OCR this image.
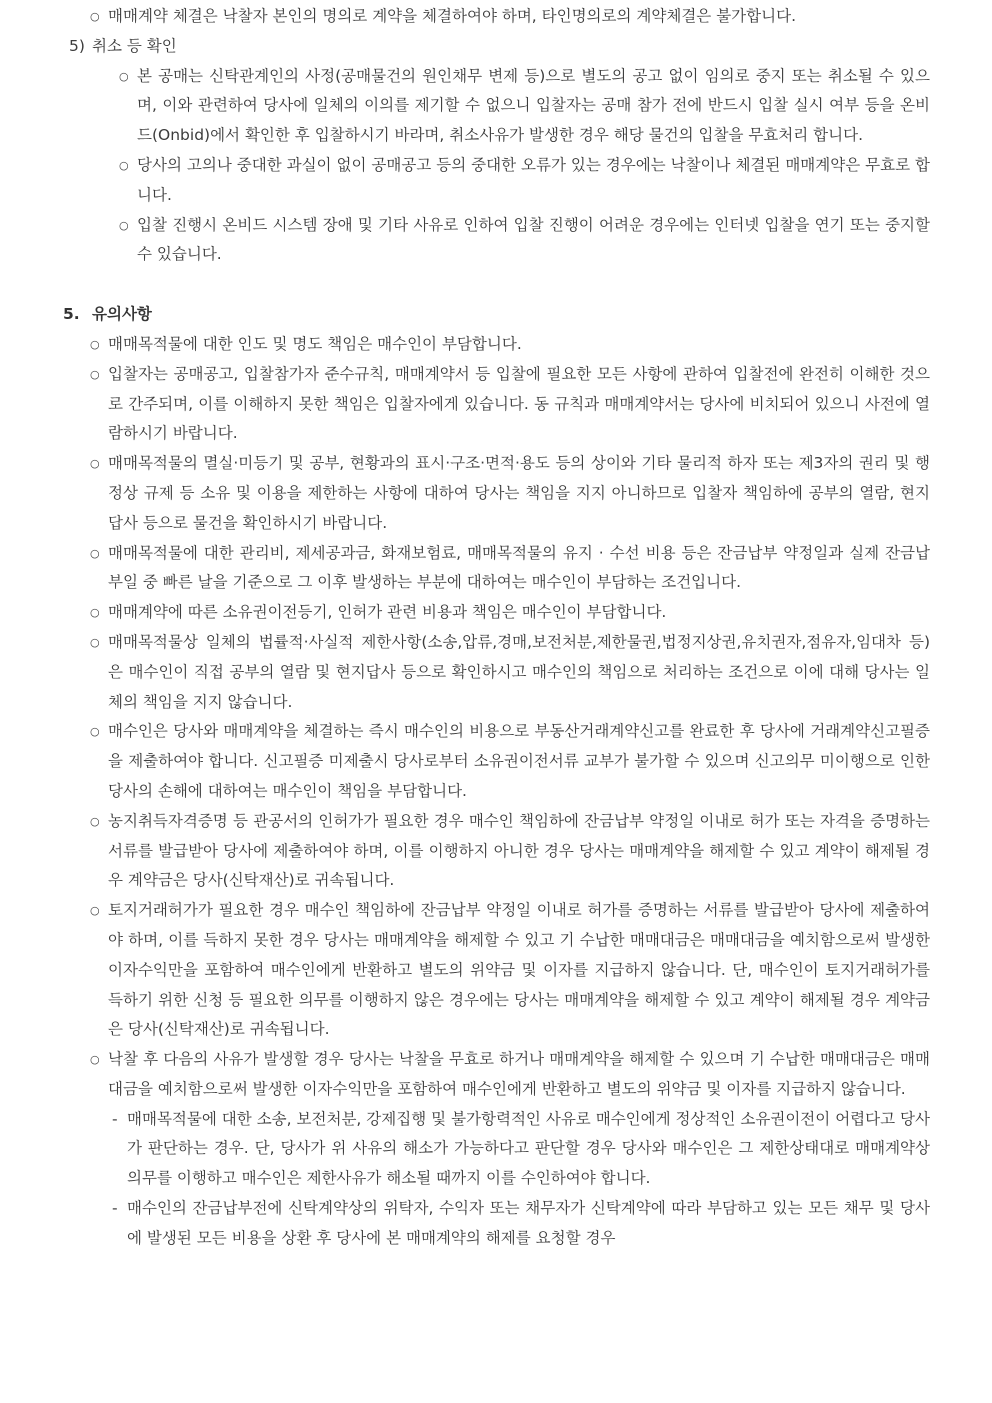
○ 매매계약 체결은 낙찰자 본인의 명의로 계약을 체결하여야 하며, 타인명의로의 계약체결은 불가합니다.
5) 취소 등 확인
○ 본 공매는 신탁관계인의 사정(공매물건의 원인채무 변제 등)으로 별도의 공고 없이 임의로 중지 또는 취소될 수 있으며, 이와 관련하여 당사에 일체의 이의를 제기할 수 없으니 입찰자는 공매 참가 전에 반드시 입찰 실시 여부 등을 온비드(Onbid)에서 확인한 후 입찰하시기 바라며, 취소사유가 발생한 경우 해당 물건의 입찰을 무효처리 합니다.
○ 당사의 고의나 중대한 과실이 없이 공매공고 등의 중대한 오류가 있는 경우에는 낙찰이나 체결된 매매계약은 무효로 합니다.
○ 입찰 진행시 온비드 시스템 장애 및 기타 사유로 인하여 입찰 진행이 어려운 경우에는 인터넷 입찰을 연기 또는 중지할 수 있습니다.
5. 유의사항
○ 매매목적물에 대한 인도 및 명도 책임은 매수인이 부담합니다.
○ 입찰자는 공매공고, 입찰참가자 준수규칙, 매매계약서 등 입찰에 필요한 모든 사항에 관하여 입찰전에 완전히 이해한 것으로 간주되며, 이를 이해하지 못한 책임은 입찰자에게 있습니다. 동 규칙과 매매계약서는 당사에 비치되어 있으니 사전에 열람하시기 바랍니다.
○ 매매목적물의 멸실·미등기 및 공부, 현황과의 표시·구조·면적·용도 등의 상이와 기타 물리적 하자 또는 제3자의 권리 및 행정상 규제 등 소유 및 이용을 제한하는 사항에 대하여 당사는 책임을 지지 아니하므로 입찰자 책임하에 공부의 열람, 현지 답사 등으로 물건을 확인하시기 바랍니다.
○ 매매목적물에 대한 관리비, 제세공과금, 화재보험료, 매매목적물의 유지 · 수선 비용 등은 잔금납부 약정일과 실제 잔금납부일 중 빠른 날을 기준으로 그 이후 발생하는 부분에 대하여는 매수인이 부담하는 조건입니다.
○ 매매계약에 따른 소유권이전등기, 인허가 관련 비용과 책임은 매수인이 부담합니다.
○ 매매목적물상 일체의 법률적·사실적 제한사항(소송,압류,경매,보전처분,제한물권,법정지상권,유치권자,점유자,임대차 등)은 매수인이 직접 공부의 열람 및 현지답사 등으로 확인하시고 매수인의 책임으로 처리하는 조건으로 이에 대해 당사는 일체의 책임을 지지 않습니다.
○ 매수인은 당사와 매매계약을 체결하는 즉시 매수인의 비용으로 부동산거래계약신고를 완료한 후 당사에 거래계약신고필증을 제출하여야 합니다. 신고필증 미제출시 당사로부터 소유권이전서류 교부가 불가할 수 있으며 신고의무 미이행으로 인한 당사의 손해에 대하여는 매수인이 책임을 부담합니다.
○ 농지취득자격증명 등 관공서의 인허가가 필요한 경우 매수인 책임하에 잔금납부 약정일 이내로 허가 또는 자격을 증명하는 서류를 발급받아 당사에 제출하여야 하며, 이를 이행하지 아니한 경우 당사는 매매계약을 해제할 수 있고 계약이 해제될 경우 계약금은 당사(신탁재산)로 귀속됩니다.
○ 토지거래허가가 필요한 경우 매수인 책임하에 잔금납부 약정일 이내로 허가를 증명하는 서류를 발급받아 당사에 제출하여야 하며, 이를 득하지 못한 경우 당사는 매매계약을 해제할 수 있고 기 수납한 매매대금은 매매대금을 예치함으로써 발생한 이자수익만을 포함하여 매수인에게 반환하고 별도의 위약금 및 이자를 지급하지 않습니다. 단, 매수인이 토지거래허가를 득하기 위한 신청 등 필요한 의무를 이행하지 않은 경우에는 당사는 매매계약을 해제할 수 있고 계약이 해제될 경우 계약금은 당사(신탁재산)로 귀속됩니다.
○ 낙찰 후 다음의 사유가 발생할 경우 당사는 낙찰을 무효로 하거나 매매계약을 해제할 수 있으며 기 수납한 매매대금은 매매대금을 예치함으로써 발생한 이자수익만을 포함하여 매수인에게 반환하고 별도의 위약금 및 이자를 지급하지 않습니다.
- 매매목적물에 대한 소송, 보전처분, 강제집행 및 불가항력적인 사유로 매수인에게 정상적인 소유권이전이 어렵다고 당사가 판단하는 경우. 단, 당사가 위 사유의 해소가 가능하다고 판단할 경우 당사와 매수인은 그 제한상태대로 매매계약상 의무를 이행하고 매수인은 제한사유가 해소될 때까지 이를 수인하여야 합니다.
- 매수인의 잔금납부전에 신탁계약상의 위탁자, 수익자 또는 채무자가 신탁계약에 따라 부담하고 있는 모든 채무 및 당사에 발생된 모든 비용을 상환 후 당사에 본 매매계약의 해제를 요청할 경우
